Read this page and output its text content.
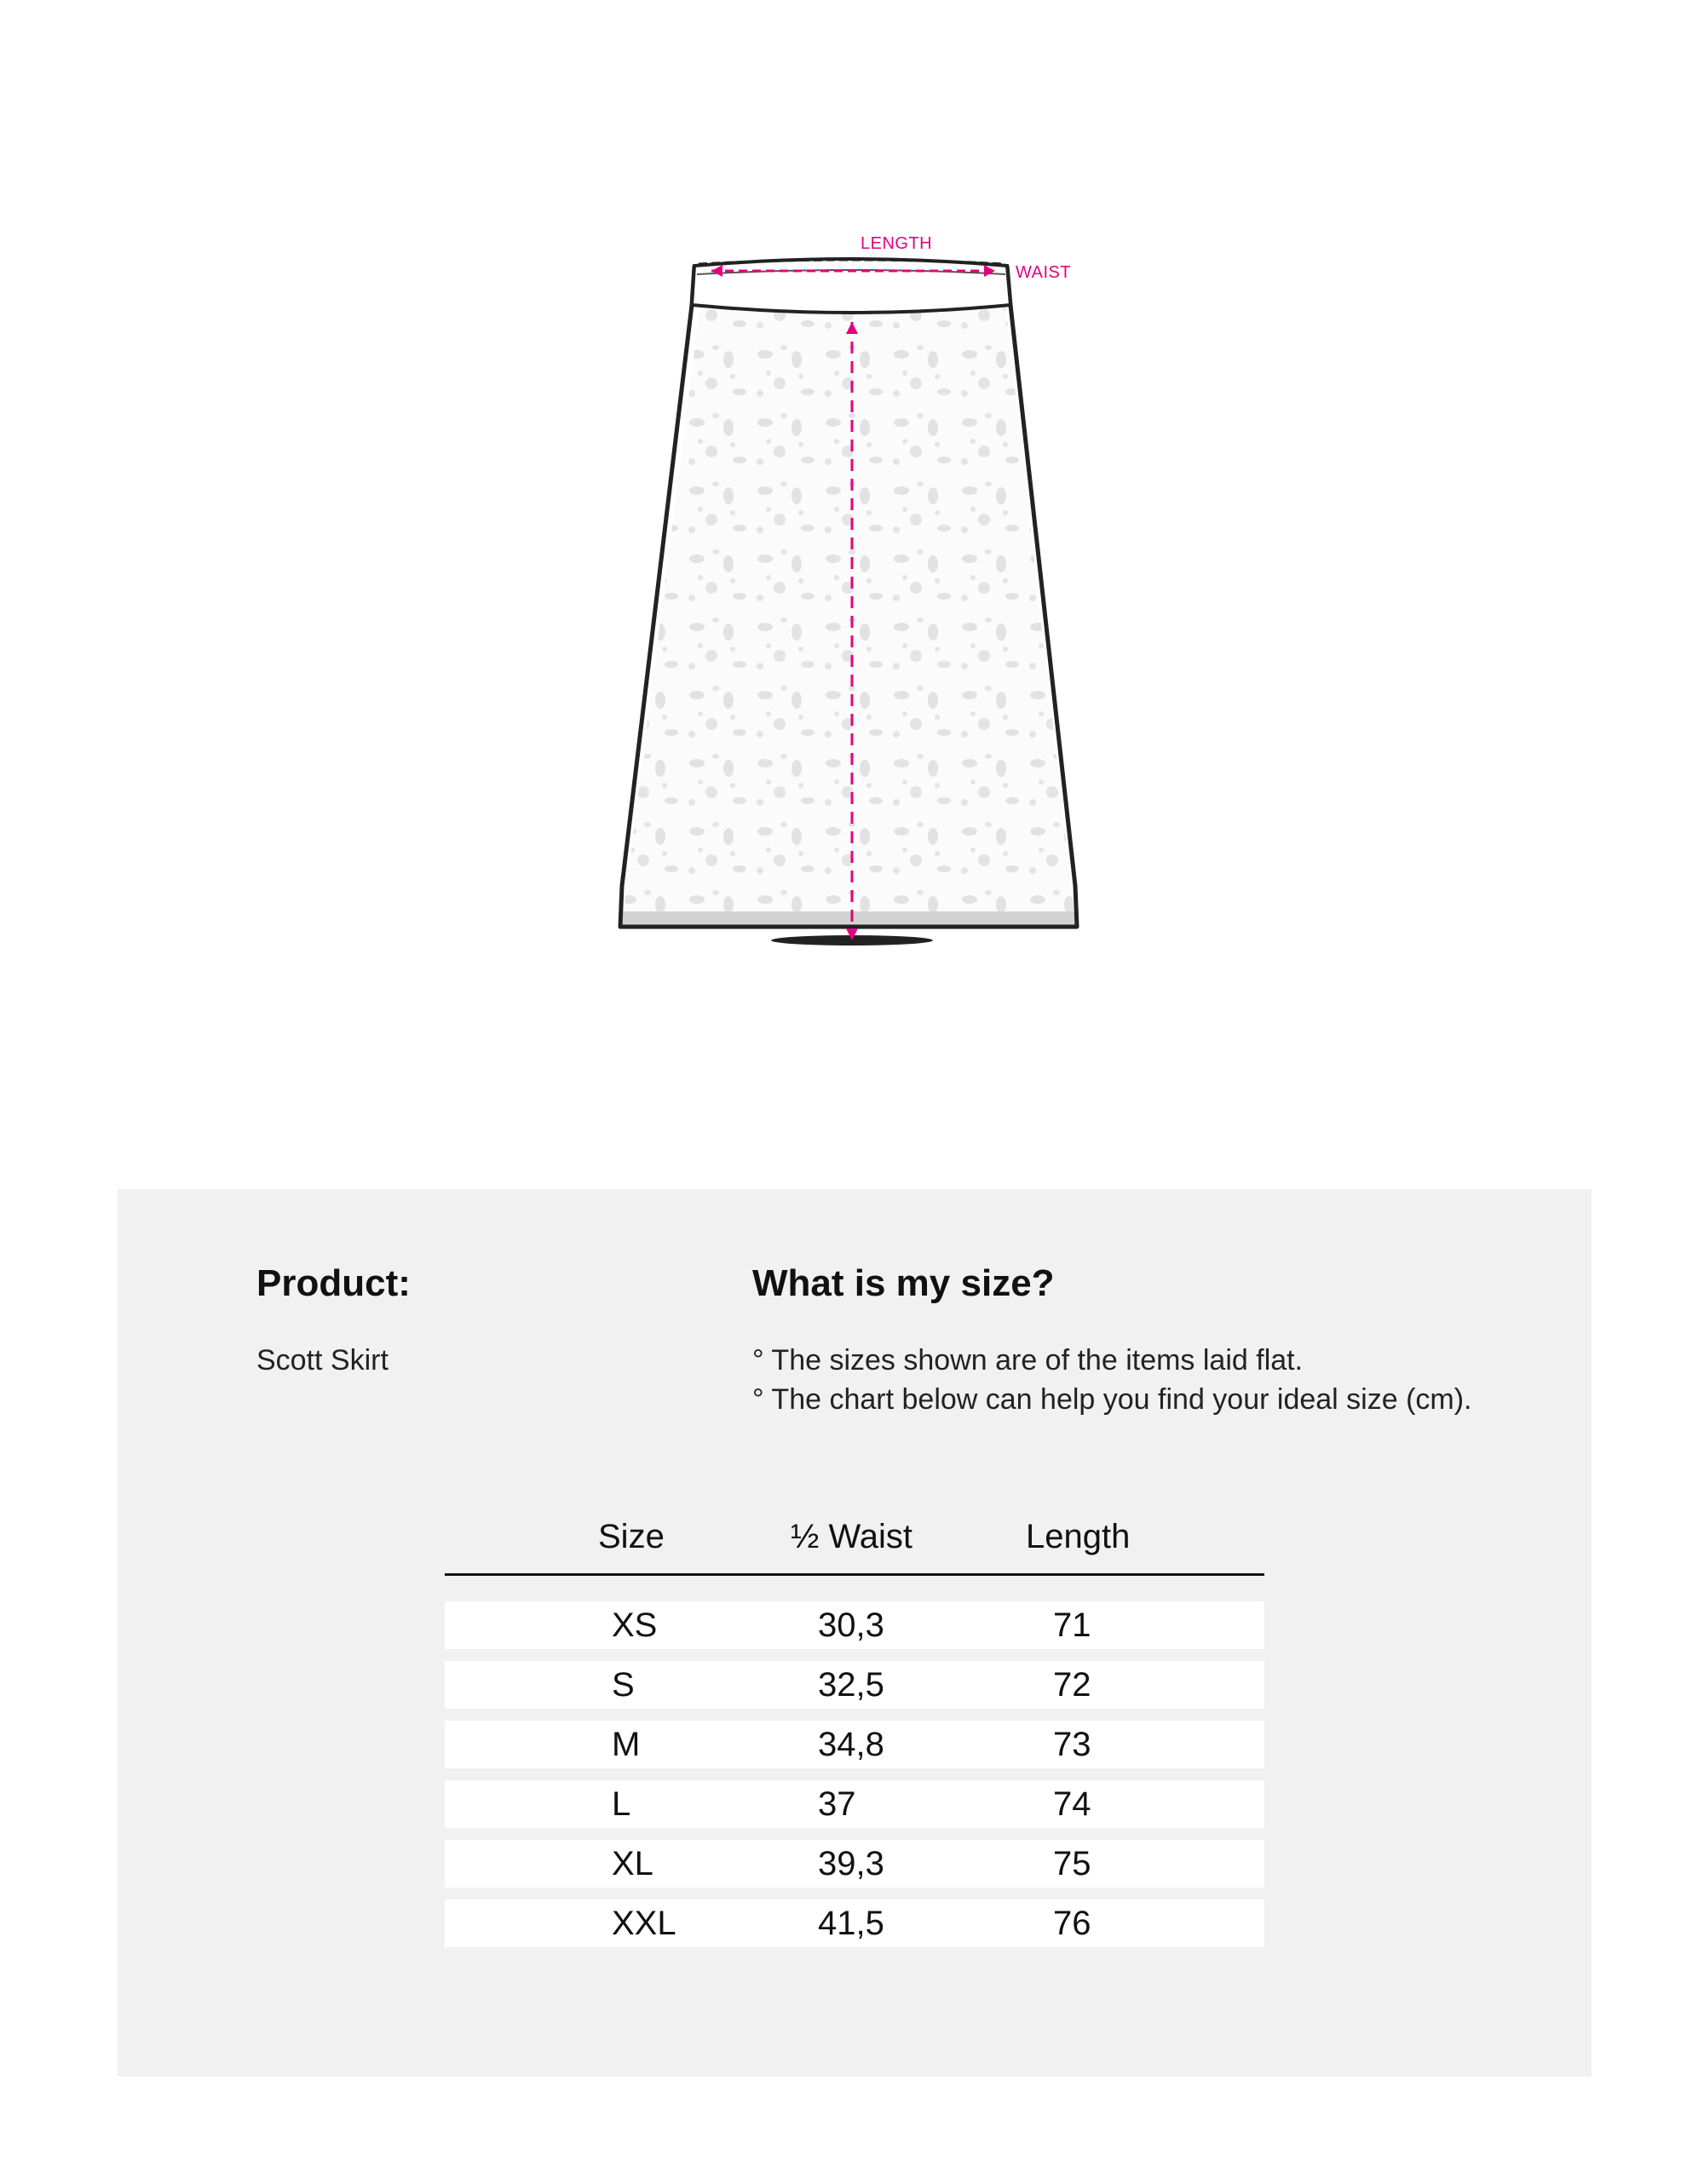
LENGTH
WAIST
Product:
Scott Skirt
What is my size?
° The sizes shown are of the items laid flat.
° The chart below can help you find your ideal size (cm).
Size	½ Waist	Length
XS	30,3	71
S	32,5	72
M	34,8	73
L	37	74
XL	39,3	75
XXL	41,5	76
